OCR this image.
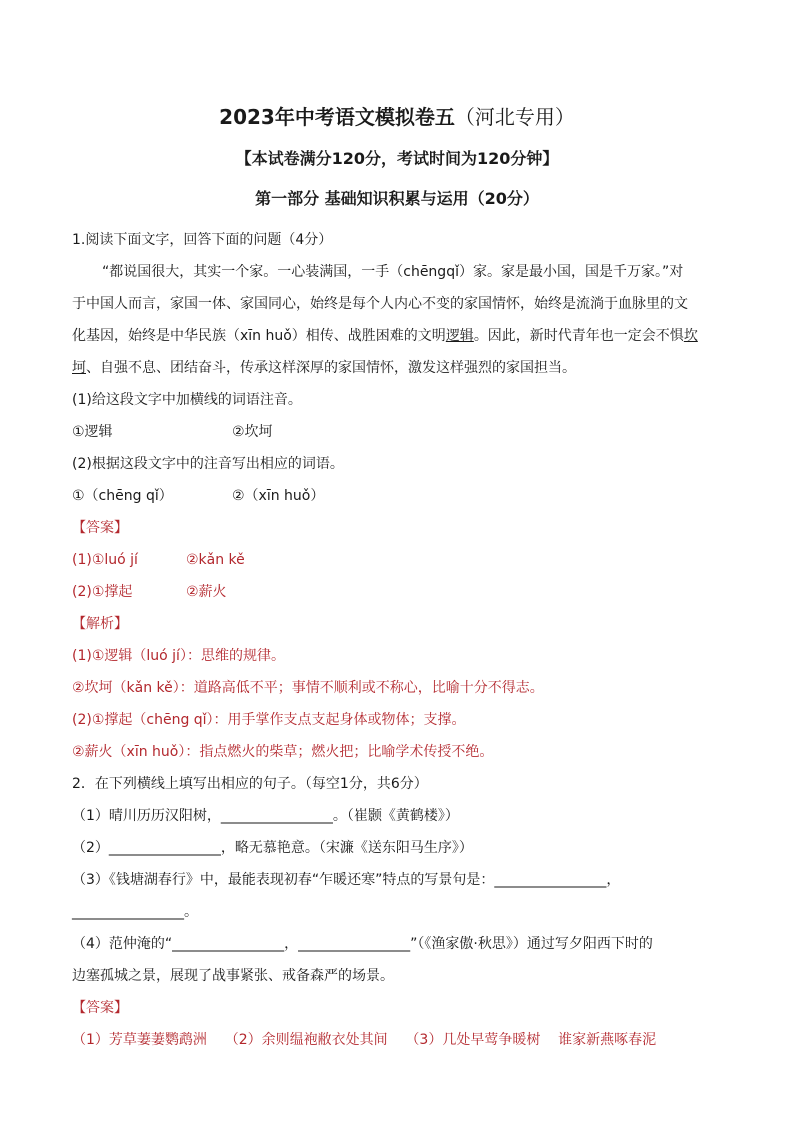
2023年中考语文模拟卷五（河北专用）
【本试卷满分120分，考试时间为120分钟】
第一部分 基础知识积累与运用（20分）
1.阅读下面文字，回答下面的问题（4分）
“都说国很大，其实一个家。一心装满国，一手（chēngqǐ）家。家是最小国，国是千万家。”对
于中国人而言，家国一体、家国同心，始终是每个人内心不变的家国情怀，始终是流淌于血脉里的文
化基因，始终是中华民族（xīn huǒ）相传、战胜困难的文明逻辑。因此，新时代青年也一定会不惧坎
坷、自强不息、团结奋斗，传承这样深厚的家国情怀，激发这样强烈的家国担当。
(1)给这段文字中加横线的词语注音。
①逻辑	②坎坷
(2)根据这段文字中的注音写出相应的词语。
①（chēng qǐ）	②（xīn huǒ）
【答案】
(1)①luó jí	②kǎn kě
(2)①撑起	②薪火
【解析】
(1)①逻辑（luó jí）：思维的规律。
②坎坷（kǎn kě）：道路高低不平；事情不顺利或不称心，比喻十分不得志。
(2)①撑起（chēng qǐ）：用手掌作支点支起身体或物体；支撑。
②薪火（xīn huǒ）：指点燃火的柴草；燃火把；比喻学术传授不绝。
2．在下列横线上填写出相应的句子。（每空1分，共6分）
（1）晴川历历汉阳树，________________。（崔颢《黄鹤楼》）
（2）________________，略无慕艳意。（宋濂《送东阳马生序》）
（3）《钱塘湖春行》中，最能表现初春“乍暖还寒”特点的写景句是：________________，
________________。
（4）范仲淹的“________________，________________”（《渔家傲·秋思》）通过写夕阳西下时的
边塞孤城之景，展现了战事紧张、戒备森严的场景。
【答案】
（1）芳草萋萋鹦鹉洲    （2）余则缊袍敝衣处其间    （3）几处早莺争暖树    谁家新燕啄春泥
